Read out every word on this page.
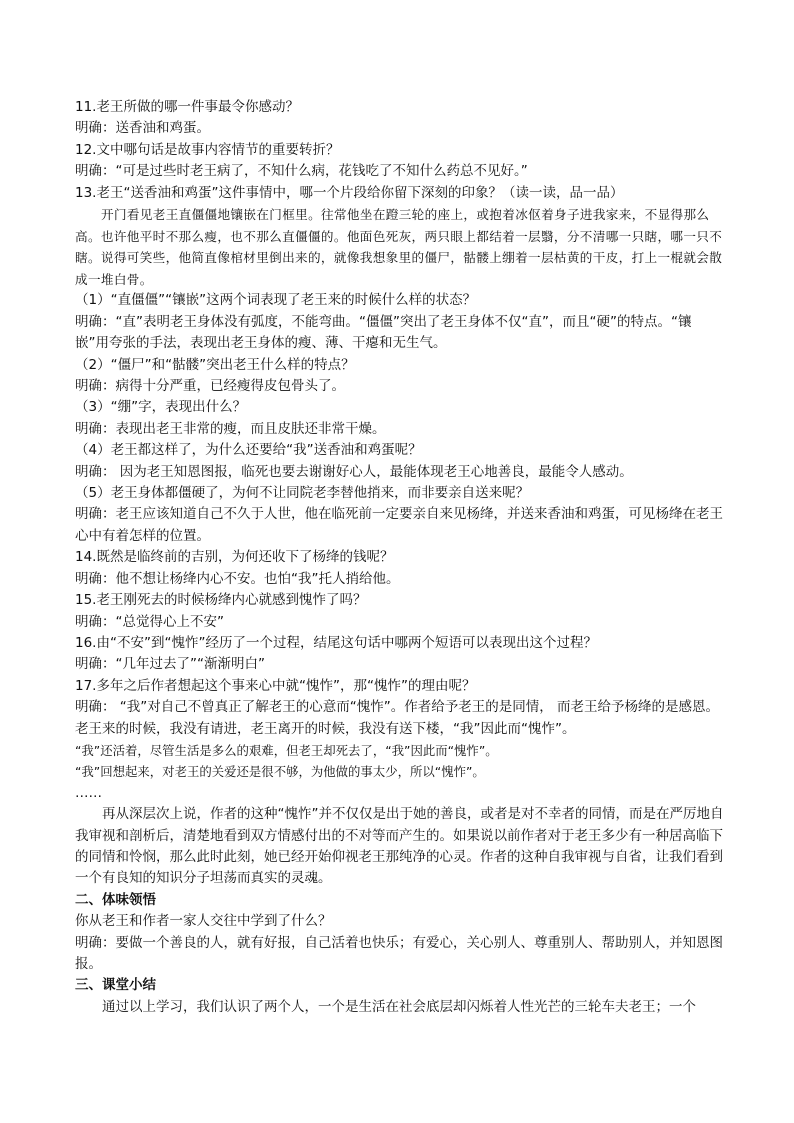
11.老王所做的哪一件事最令你感动？

明确：送香油和鸡蛋。

12.文中哪句话是故事内容情节的重要转折？

明确：“可是过些时老王病了，不知什么病，花钱吃了不知什么药总不见好。”

13.老王“送香油和鸡蛋”这件事情中，哪一个片段给你留下深刻的印象？（读一读，品一品）

开门看见老王直僵僵地镶嵌在门框里。往常他坐在蹬三轮的座上，或抱着冰伛着身子进我家来，不显得那么高。也许他平时不那么瘦，也不那么直僵僵的。他面色死灰，两只眼上都结着一层翳，分不清哪一只瞎，哪一只不瞎。说得可笑些，他简直像棺材里倒出来的，就像我想象里的僵尸，骷髅上绷着一层枯黄的干皮，打上一棍就会散成一堆白骨。

（1）“直僵僵”“镶嵌”这两个词表现了老王来的时候什么样的状态？

明确：“直”表明老王身体没有弧度，不能弯曲。“僵僵”突出了老王身体不仅“直”，而且“硬”的特点。“镶嵌”用夸张的手法，表现出老王身体的瘦、薄、干瘪和无生气。

（2）“僵尸”和“骷髅”突出老王什么样的特点？

明确：病得十分严重，已经瘦得皮包骨头了。

（3）“绷”字，表现出什么？

明确：表现出老王非常的瘦，而且皮肤还非常干燥。

（4）老王都这样了，为什么还要给“我”送香油和鸡蛋呢？

明确： 因为老王知恩图报，临死也要去谢谢好心人，最能体现老王心地善良，最能令人感动。

（5）老王身体都僵硬了，为何不让同院老李替他捎来，而非要亲自送来呢？

明确：老王应该知道自己不久于人世，他在临死前一定要亲自来见杨绛，并送来香油和鸡蛋，可见杨绛在老王心中有着怎样的位置。

14.既然是临终前的吉别，为何还收下了杨绛的钱呢？

明确：他不想让杨绛内心不安。也怕“我”托人捎给他。

15.老王刚死去的时候杨绛内心就感到愧怍了吗？

明确：“总觉得心上不安”

16.由“不安”到“愧怍”经历了一个过程，结尾这句话中哪两个短语可以表现出这个过程？

明确：“几年过去了”“渐渐明白”

17.多年之后作者想起这个事来心中就“愧怍”，那“愧怍”的理由呢？

明确： “我”对自己不曾真正了解老王的心意而“愧怍”。作者给予老王的是同情， 而老王给予杨绛的是感恩。

老王来的时候，我没有请进，老王离开的时候，我没有送下楼，“我”因此而“愧怍”。

“我”还活着，尽管生活是多么的艰难，但老王却死去了，“我”因此而“愧怍”。

“我”回想起来，对老王的关爱还是很不够，为他做的事太少，所以“愧怍”。

……

再从深层次上说，作者的这种“愧怍”并不仅仅是出于她的善良，或者是对不幸者的同情，而是在严厉地自我审视和剖析后，清楚地看到双方情感付出的不对等而产生的。如果说以前作者对于老王多少有一种居高临下的同情和怜悯，那么此时此刻，她已经开始仰视老王那纯净的心灵。作者的这种自我审视与自省，让我们看到一个有良知的知识分子坦荡而真实的灵魂。

二、体味领悟

你从老王和作者一家人交往中学到了什么？

明确：要做一个善良的人，就有好报，自己活着也快乐；有爱心，关心别人、尊重别人、帮助别人，并知恩图报。

三、课堂小结

通过以上学习，我们认识了两个人，一个是生活在社会底层却闪烁着人性光芒的三轮车夫老王；一个
